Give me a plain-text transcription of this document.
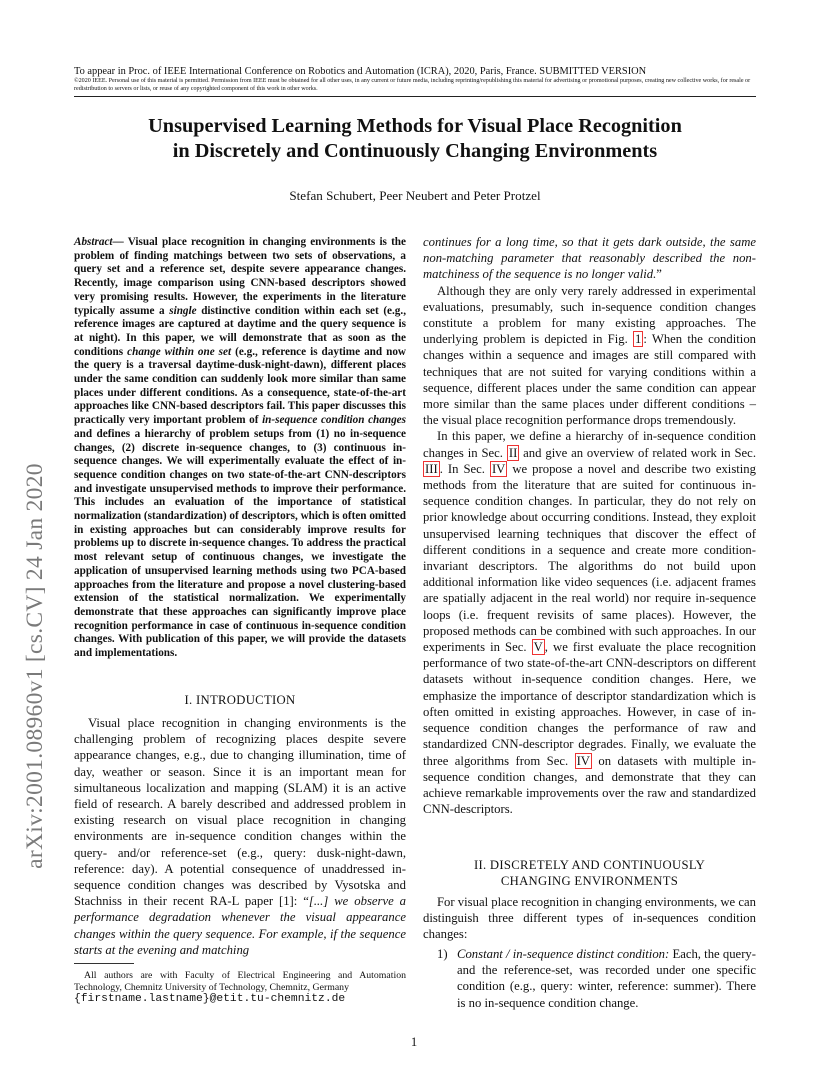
To appear in Proc. of IEEE International Conference on Robotics and Automation (ICRA), 2020, Paris, France. SUBMITTED VERSION
©2020 IEEE. Personal use of this material is permitted. Permission from IEEE must be obtained for all other uses, in any current or future media, including reprinting/republishing this material for advertising or promotional purposes, creating new collective works, for resale or redistribution to servers or lists, or reuse of any copyrighted component of this work in other works.
Unsupervised Learning Methods for Visual Place Recognition
in Discretely and Continuously Changing Environments
Stefan Schubert, Peer Neubert and Peter Protzel
arXiv:2001.08960v1 [cs.CV] 24 Jan 2020
Abstract— Visual place recognition in changing environments is the problem of finding matchings between two sets of observations, a query set and a reference set, despite severe appearance changes. Recently, image comparison using CNN-based descriptors showed very promising results. However, the experiments in the literature typically assume a single distinctive condition within each set (e.g., reference images are captured at daytime and the query sequence is at night). In this paper, we will demonstrate that as soon as the conditions change within one set (e.g., reference is daytime and now the query is a traversal daytime-dusk-night-dawn), different places under the same condition can suddenly look more similar than same places under different conditions. As a consequence, state-of-the-art approaches like CNN-based descriptors fail. This paper discusses this practically very important problem of in-sequence condition changes and defines a hierarchy of problem setups from (1) no in-sequence changes, (2) discrete in-sequence changes, to (3) continuous in-sequence changes. We will experimentally evaluate the effect of in-sequence condition changes on two state-of-the-art CNN-descriptors and investigate unsupervised methods to improve their performance. This includes an evaluation of the importance of statistical normalization (standardization) of descriptors, which is often omitted in existing approaches but can considerably improve results for problems up to discrete in-sequence changes. To address the practical most relevant setup of continuous changes, we investigate the application of unsupervised learning methods using two PCA-based approaches from the literature and propose a novel clustering-based extension of the statistical normalization. We experimentally demonstrate that these approaches can significantly improve place recognition performance in case of continuous in-sequence condition changes. With publication of this paper, we will provide the datasets and implementations.
I. INTRODUCTION

Visual place recognition in changing environments is the challenging problem of recognizing places despite severe appearance changes, e.g., due to changing illumination, time of day, weather or season. Since it is an important mean for simultaneous localization and mapping (SLAM) it is an active field of research. A barely described and addressed problem in existing research on visual place recognition in changing environments are in-sequence condition changes within the query- and/or reference-set (e.g., query: dusk-night-dawn, reference: day). A potential consequence of unaddressed in-sequence condition changes was described by Vysotska and Stachniss in their recent RA-L paper [1]: “[...] we observe a performance degradation whenever the visual appearance changes within the query sequence. For example, if the sequence starts at the evening and matching

All authors are with Faculty of Electrical Engineering and Automation Technology, Chemnitz University of Technology, Chemnitz, Germany
{firstname.lastname}@etit.tu-chemnitz.de

continues for a long time, so that it gets dark outside, the same non-matching parameter that reasonably described the non-matchiness of the sequence is no longer valid.”

Although they are only very rarely addressed in experimental evaluations, presumably, such in-sequence condition changes constitute a problem for many existing approaches. The underlying problem is depicted in Fig. 1 : When the condition changes within a sequence and images are still compared with techniques that are not suited for varying conditions within a sequence, different places under the same condition can appear more similar than the same places under different conditions – the visual place recognition performance drops tremendously.

In this paper, we define a hierarchy of in-sequence condition changes in Sec. II and give an overview of related work in Sec. III . In Sec. IV we propose a novel and describe two existing methods from the literature that are suited for continuous in-sequence condition changes. In particular, they do not rely on prior knowledge about occurring conditions. Instead, they exploit unsupervised learning techniques that discover the effect of different conditions in a sequence and create more condition-invariant descriptors. The algorithms do not build upon additional information like video sequences (i.e. adjacent frames are spatially adjacent in the real world) nor require in-sequence loops (i.e. frequent revisits of same places). However, the proposed methods can be combined with such approaches. In our experiments in Sec. V , we first evaluate the place recognition performance of two state-of-the-art CNN-descriptors on different datasets without in-sequence condition changes. Here, we emphasize the importance of descriptor standardization which is often omitted in existing approaches. However, in case of in-sequence condition changes the performance of raw and standardized CNN-descriptor degrades. Finally, we evaluate the three algorithms from Sec. IV on datasets with multiple in-sequence condition changes, and demonstrate that they can achieve remarkable improvements over the raw and standardized CNN-descriptors.

II. DISCRETELY AND CONTINUOUSLY
CHANGING ENVIRONMENTS

For visual place recognition in changing environments, we can distinguish three different types of in-sequences condition changes:

1) Constant / in-sequence distinct condition: Each, the query- and the reference-set, was recorded under one specific condition (e.g., query: winter, reference: summer). There is no in-sequence condition change.
1
